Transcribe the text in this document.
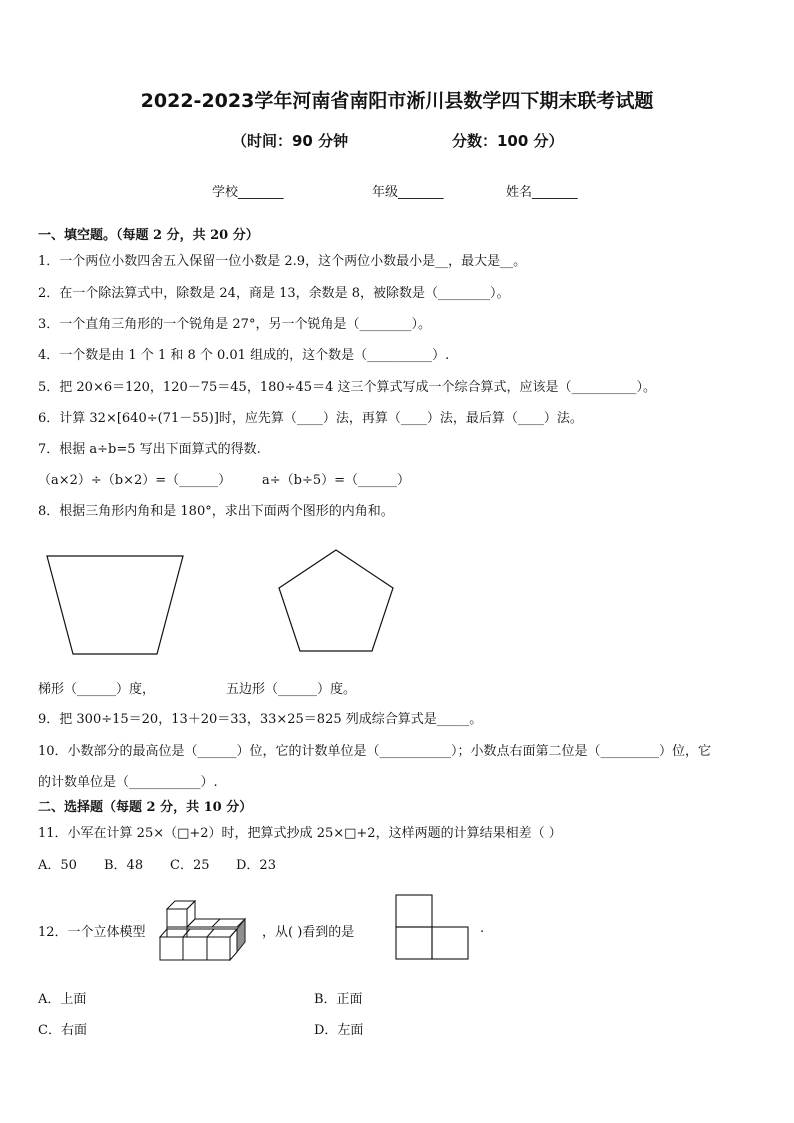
2022-2023学年河南省南阳市淅川县数学四下期末联考试题
（时间：90 分钟	分数：100 分）
学校_______	年级_______	姓名_______
一、填空题。（每题 2 分，共 20 分）
1．一个两位小数四舍五入保留一位小数是 2.9，这个两位小数最小是__，最大是__。
2．在一个除法算式中，除数是 24，商是 13，余数是 8，被除数是（________）。
3．一个直角三角形的一个锐角是 27°，另一个锐角是（________）。
4．一个数是由 1 个 1 和 8 个 0.01 组成的，这个数是（__________）.
5．把 20×6＝120，120－75＝45，180÷45＝4 这三个算式写成一个综合算式，应该是（__________）。
6．计算 32×[640÷(71－55)]时，应先算（____）法，再算（____）法，最后算（____）法。
7．根据 a÷b=5 写出下面算式的得数.
（a×2）÷（b×2）=（______） a÷（b÷5）=（______）
8．根据三角形内角和是 180°，求出下面两个图形的内角和。
梯形（______）度，	五边形（______）度。
9．把 300÷15＝20，13＋20＝33，33×25＝825 列成综合算式是_____。
10．小数部分的最高位是（______）位，它的计数单位是（___________）；小数点右面第二位是（_________）位，它
的计数单位是（___________）.
二、选择题（每题 2 分，共 10 分）
11．小军在计算 25×（□+2）时，把算式抄成 25×□+2，这样两题的计算结果相差（ ）
A．50 B．48 C．25 D．23
12．一个立体模型	，从( )看到的是	.
A．上面	B．正面
C．右面	D．左面
